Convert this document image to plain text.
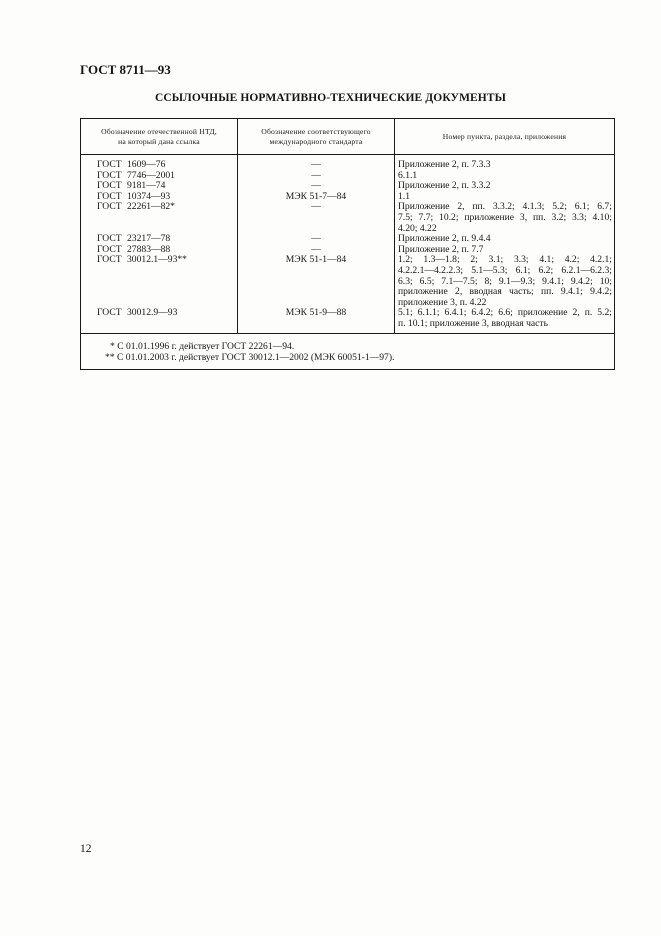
ГОСТ 8711—93
ССЫЛОЧНЫЕ НОРМАТИВНО-ТЕХНИЧЕСКИЕ ДОКУМЕНТЫ
Обозначение отечественной НТД,
на который дана ссылка
Обозначение соответствующего
международного стандарта
Номер пункта, раздела, приложения
ГОСТ 1609—76
ГОСТ 7746—2001
ГОСТ 9181—74
ГОСТ 10374—93
ГОСТ 22261—82*
ГОСТ 23217—78
ГОСТ 27883—88
ГОСТ 30012.1—93**
ГОСТ 30012.9—93
—
—
—
МЭК 51-7—84
—
—
—
МЭК 51-1—84
МЭК 51-9—88
Приложение 2, п. 7.3.3
6.1.1
Приложение 2, п. 3.3.2
1.1
Приложение 2, пп. 3.3.2; 4.1.3; 5.2; 6.1; 6.7;
7.5; 7.7; 10.2; приложение 3, пп. 3.2; 3.3; 4.10;
4.20; 4.22
Приложение 2, п. 9.4.4
Приложение 2, п. 7.7
1.2; 1.3—1.8; 2; 3.1; 3.3; 4.1; 4.2; 4.2.1;
4.2.2.1—4.2.2.3; 5.1—5.3; 6.1; 6.2; 6.2.1—6.2.3;
6.3; 6.5; 7.1—7.5; 8; 9.1—9.3; 9.4.1; 9.4.2; 10;
приложение 2, вводная часть; пп. 9.4.1; 9.4.2;
приложение 3, п. 4.22
5.1; 6.1.1; 6.4.1; 6.4.2; 6.6; приложение 2, п. 5.2;
п. 10.1; приложение 3, вводная часть
* С 01.01.1996 г. действует ГОСТ 22261—94.
** С 01.01.2003 г. действует ГОСТ 30012.1—2002 (МЭК 60051-1—97).
12
